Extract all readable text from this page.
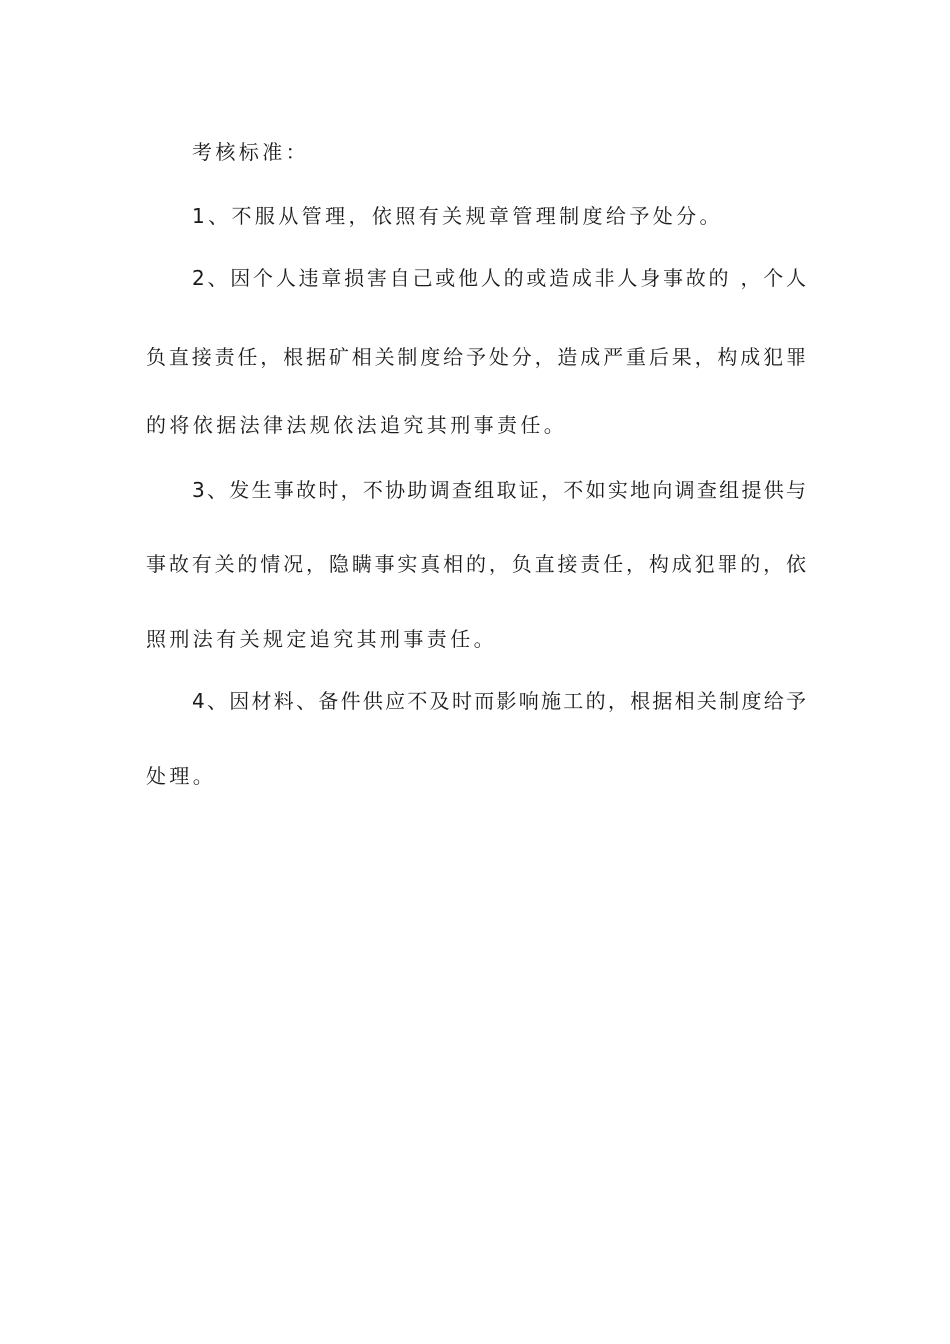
考核标准：
1、不服从管理，依照有关规章管理制度给予处分。
2、因个人违章损害自己或他人的或造成非人身事故的 ，个人
负直接责任，根据矿相关制度给予处分，造成严重后果，构成犯罪
的将依据法律法规依法追究其刑事责任。
3、发生事故时，不协助调查组取证，不如实地向调查组提供与
事故有关的情况，隐瞒事实真相的，负直接责任，构成犯罪的，依
照刑法有关规定追究其刑事责任。
4、因材料、备件供应不及时而影响施工的，根据相关制度给予
处理。
